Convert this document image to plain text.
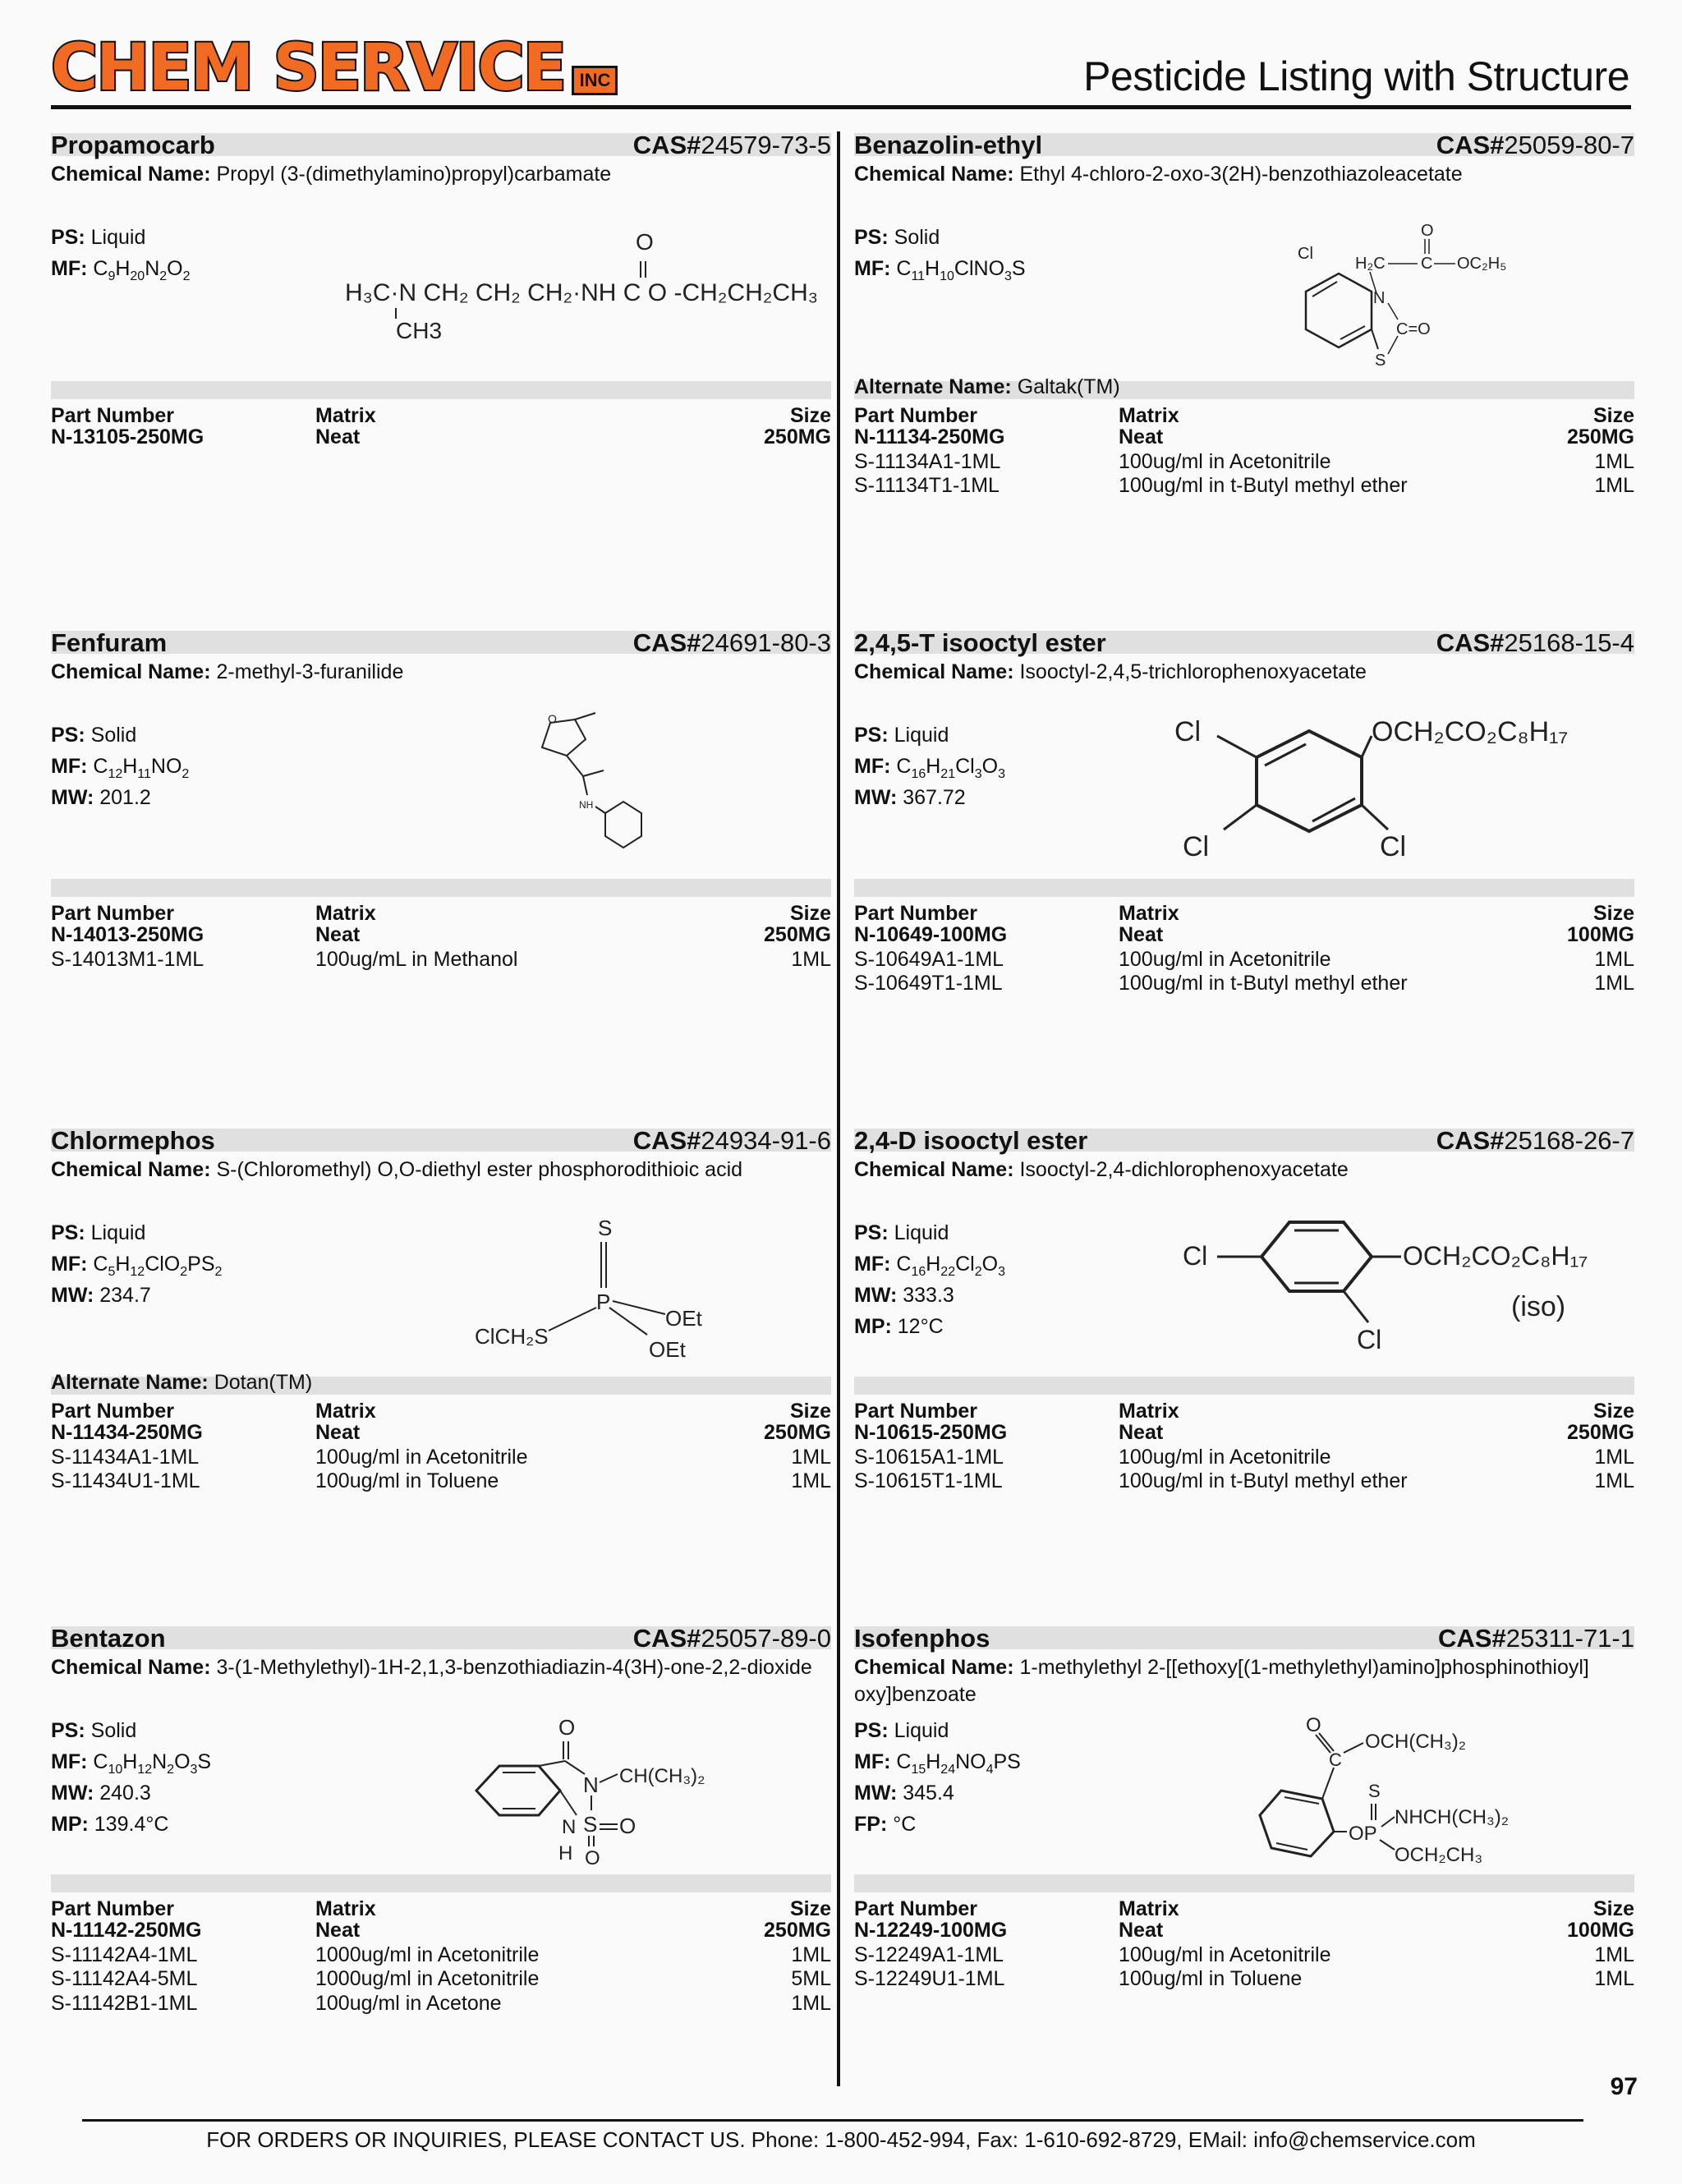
CHEM SERVICE INC	Pesticide Listing with Structure
Propamocarb	CAS#24579-73-5
Chemical Name: Propyl (3-(dimethylamino)propyl)carbamate
PS: Liquid
MF: $C_9H_{20}N_2O_2$
Part Number	Matrix	Size
N-13105-250MG	Neat	250MG
Benazolin-ethyl	CAS#25059-80-7
Chemical Name: Ethyl 4-chloro-2-oxo-3(2H)-benzothiazoleacetate
PS: Solid
MF: $C_{11}H_{10}ClNO_3S$
Alternate Name: Galtak(TM)
Part Number	Matrix	Size
N-11134-250MG	Neat	250MG
S-11134A1-1ML	100ug/ml in Acetonitrile	1ML
S-11134T1-1ML	100ug/ml in t-Butyl methyl ether	1ML
Fenfuram	CAS#24691-80-3
Chemical Name: 2-methyl-3-furanilide
PS: Solid
MF: $C_{12}H_{11}NO_2$
MW: 201.2
Part Number	Matrix	Size
N-14013-250MG	Neat	250MG
S-14013M1-1ML	100ug/mL in Methanol	1ML
2,4,5-T isooctyl ester	CAS#25168-15-4
Chemical Name: Isooctyl-2,4,5-trichlorophenoxyacetate
PS: Liquid
MF: $C_{16}H_{21}Cl_3O_3$
MW: 367.72
Part Number	Matrix	Size
N-10649-100MG	Neat	100MG
S-10649A1-1ML	100ug/ml in Acetonitrile	1ML
S-10649T1-1ML	100ug/ml in t-Butyl methyl ether	1ML
Chlormephos	CAS#24934-91-6
Chemical Name: S-(Chloromethyl) O,O-diethyl ester phosphorodithioic acid
PS: Liquid
MF: $C_5H_{12}ClO_2PS_2$
MW: 234.7
Alternate Name: Dotan(TM)
Part Number	Matrix	Size
N-11434-250MG	Neat	250MG
S-11434A1-1ML	100ug/ml in Acetonitrile	1ML
S-11434U1-1ML	100ug/ml in Toluene	1ML
2,4-D isooctyl ester	CAS#25168-26-7
Chemical Name: Isooctyl-2,4-dichlorophenoxyacetate
PS: Liquid
MF: $C_{16}H_{22}Cl_2O_3$
MW: 333.3
MP: 12°C
Part Number	Matrix	Size
N-10615-250MG	Neat	250MG
S-10615A1-1ML	100ug/ml in Acetonitrile	1ML
S-10615T1-1ML	100ug/ml in t-Butyl methyl ether	1ML
Bentazon	CAS#25057-89-0
Chemical Name: 3-(1-Methylethyl)-1H-2,1,3-benzothiadiazin-4(3H)-one-2,2-dioxide
PS: Solid
MF: $C_{10}H_{12}N_2O_3S$
MW: 240.3
MP: 139.4°C
Part Number	Matrix	Size
N-11142-250MG	Neat	250MG
S-11142A4-1ML	1000ug/ml in Acetonitrile	1ML
S-11142A4-5ML	1000ug/ml in Acetonitrile	5ML
S-11142B1-1ML	100ug/ml in Acetone	1ML
Isofenphos	CAS#25311-71-1
Chemical Name: 1-methylethyl 2-[[ethoxy[(1-methylethyl)amino]phosphinothioyl] oxy]benzoate
PS: Liquid
MF: $C_{15}H_{24}NO_4PS$
MW: 345.4
FP: °C
Part Number	Matrix	Size
N-12249-100MG	Neat	100MG
S-12249A1-1ML	100ug/ml in Acetonitrile	1ML
S-12249U1-1ML	100ug/ml in Toluene	1ML
O
H₃C·N CH₂ CH₂ CH₂·NH C O -CH₂CH₂CH₃
CH3
Cl
O
H₂C C OC₂H₅
N
S
C=O
O
NH
Cl	OCH₂CO₂C₈H₁₇
Cl	Cl
S
P
OEt
OEt
ClCH₂S
Cl	OCH₂CO₂C₈H₁₇
Cl
(iso)
O
N CH(CH₃)₂
S O
H
N
O
O
C
OCH(CH₃)₂
OP
S
NHCH(CH₃)₂
OCH₂CH₃
97
FOR ORDERS OR INQUIRIES, PLEASE CONTACT US. Phone: 1-800-452-994, Fax: 1-610-692-8729, EMail: info@chemservice.com
